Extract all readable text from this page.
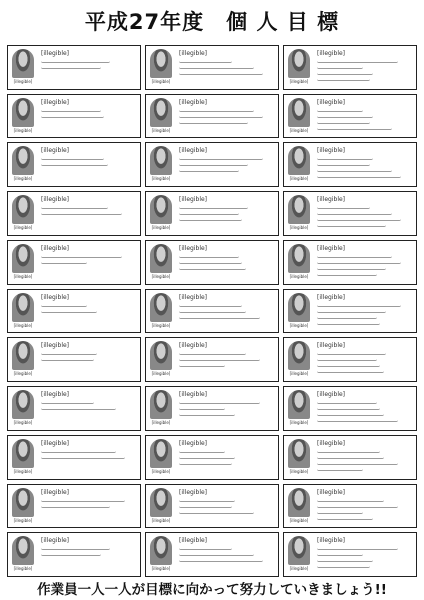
平成27年度　個 人 目 標
[illegible]
[illegible]
[illegible]
[illegible]
[illegible]
[illegible]
[illegible]
[illegible]
[illegible]
[illegible]
[illegible]
[illegible]
[illegible]
[illegible]
[illegible]
[illegible]
[illegible]
[illegible]
[illegible]
[illegible]
[illegible]
[illegible]
[illegible]
[illegible]
[illegible]
[illegible]
[illegible]
[illegible]
[illegible]
[illegible]
[illegible]
[illegible]
[illegible]
[illegible]
[illegible]
[illegible]
[illegible]
[illegible]
[illegible]
[illegible]
[illegible]
[illegible]
[illegible]
[illegible]
[illegible]
[illegible]
[illegible]
[illegible]
[illegible]
[illegible]
[illegible]
[illegible]
[illegible]
[illegible]
[illegible]
[illegible]
[illegible]
[illegible]
[illegible]
[illegible]
[illegible]
[illegible]
[illegible]
[illegible]
[illegible]
[illegible]
作業員一人一人が目標に向かって努力していきましょう!!
